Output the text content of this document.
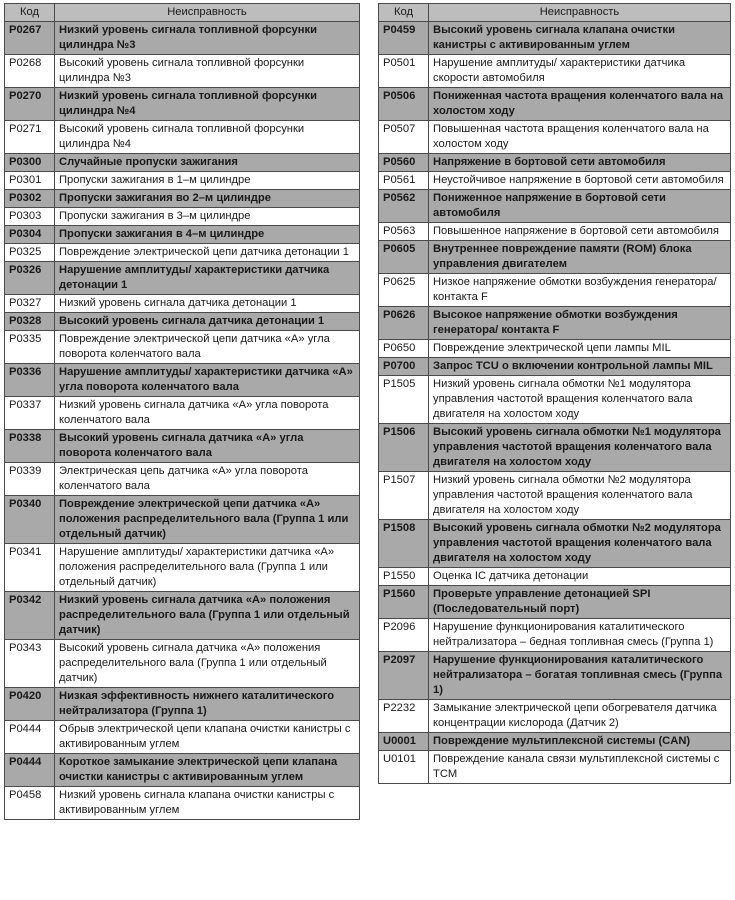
Код	Неисправность
P0267	Низкий уровень сигнала топливной форсунки цилиндра №3
P0268	Высокий уровень сигнала топливной форсунки цилиндра №3
P0270	Низкий уровень сигнала топливной форсунки цилиндра №4
P0271	Высокий уровень сигнала топливной форсунки цилиндра №4
P0300	Случайные пропуски зажигания
P0301	Пропуски зажигания в 1–м цилиндре
P0302	Пропуски зажигания во 2–м цилиндре
P0303	Пропуски зажигания в 3–м цилиндре
P0304	Пропуски зажигания в 4–м цилиндре
P0325	Повреждение электрической цепи датчика детонации 1
P0326	Нарушение амплитуды/ характеристики датчика детонации 1
P0327	Низкий уровень сигнала датчика детонации 1
P0328	Высокий уровень сигнала датчика детонации 1
P0335	Повреждение электрической цепи датчика «А» угла поворота коленчатого вала
P0336	Нарушение амплитуды/ характеристики датчика «А» угла поворота коленчатого вала
P0337	Низкий уровень сигнала датчика «А» угла поворота коленчатого вала
P0338	Высокий уровень сигнала датчика «А» угла поворота коленчатого вала
P0339	Электрическая цепь датчика «А» угла поворота коленчатого вала
P0340	Повреждение электрической цепи датчика «А» положения распределительного вала (Группа 1 или отдельный датчик)
P0341	Нарушение амплитуды/ характеристики датчика «А» положения распределительного вала (Группа 1 или отдельный датчик)
P0342	Низкий уровень сигнала датчика «А» положения распределительного вала (Группа 1 или отдельный датчик)
P0343	Высокий уровень сигнала датчика «А» положения распределительного вала (Группа 1 или отдельный датчик)
P0420	Низкая эффективность нижнего каталитического нейтрализатора (Группа 1)
P0444	Обрыв электрической цепи клапана очистки канистры с активированным углем
P0444	Короткое замыкание электрической цепи клапана очистки канистры с активированным углем
P0458	Низкий уровень сигнала клапана очистки канистры с активированным углем
Код	Неисправность
P0459	Высокий уровень сигнала клапана очистки канистры с активированным углем
P0501	Нарушение амплитуды/ характеристики датчика скорости автомобиля
P0506	Пониженная частота вращения коленчатого вала на холостом ходу
P0507	Повышенная частота вращения коленчатого вала на холостом ходу
P0560	Напряжение в бортовой сети автомобиля
P0561	Неустойчивое напряжение в бортовой сети автомобиля
P0562	Пониженное напряжение в бортовой сети автомобиля
P0563	Повышенное напряжение в бортовой сети автомобиля
P0605	Внутреннее повреждение памяти (ROM) блока управления двигателем
P0625	Низкое напряжение обмотки возбуждения генератора/ контакта F
P0626	Высокое напряжение обмотки возбуждения генератора/ контакта F
P0650	Повреждение электрической цепи лампы MIL
P0700	Запрос TCU о включении контрольной лампы MIL
P1505	Низкий уровень сигнала обмотки №1 модулятора управления частотой вращения коленчатого вала двигателя на холостом ходу
P1506	Высокий уровень сигнала обмотки №1 модулятора управления частотой вращения коленчатого вала двигателя на холостом ходу
P1507	Низкий уровень сигнала обмотки №2 модулятора управления частотой вращения коленчатого вала двигателя на холостом ходу
P1508	Высокий уровень сигнала обмотки №2 модулятора управления частотой вращения коленчатого вала двигателя на холостом ходу
P1550	Оценка IC датчика детонации
P1560	Проверьте управление детонацией SPI (Последовательный порт)
P2096	Нарушение функционирования каталитического нейтрализатора – бедная топливная смесь (Группа 1)
P2097	Нарушение функционирования каталитического нейтрализатора – богатая топливная смесь (Группа 1)
P2232	Замыкание электрической цепи обогревателя датчика концентрации кислорода (Датчик 2)
U0001	Повреждение мультиплексной системы (CAN)
U0101	Повреждение канала связи мультиплексной системы с TCM
